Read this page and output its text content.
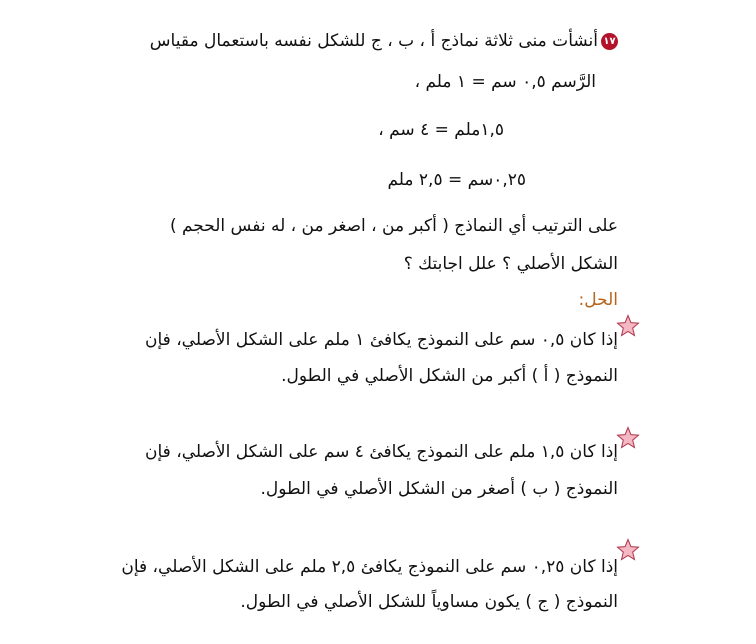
١٧
أنشأت منى ثلاثة نماذج أ ، ب ، ج للشكل نفسه باستعمال مقياس
الرَّسم ٠,٥ سم = ١ ملم ،
١,٥ملم = ٤ سم ،
٠,٢٥سم = ٢,٥ ملم
على الترتيب أي النماذج ( أكبر من ، اصغر من ، له نفس الحجم )
الشكل الأصلي ؟ علل اجابتك ؟
الحل:
إذا كان ٠,٥ سم على النموذج يكافئ ١ ملم على الشكل الأصلي، فإن
النموذج ( أ ) أكبر من الشكل الأصلي في الطول.
إذا كان ١,٥ ملم على النموذج يكافئ ٤ سم على الشكل الأصلي، فإن
النموذج ( ب ) أصغر من الشكل الأصلي في الطول.
إذا كان ٠,٢٥ سم على النموذج يكافئ ٢,٥ ملم على الشكل الأصلي، فإن
النموذج ( ج ) يكون مساوياً للشكل الأصلي في الطول.
